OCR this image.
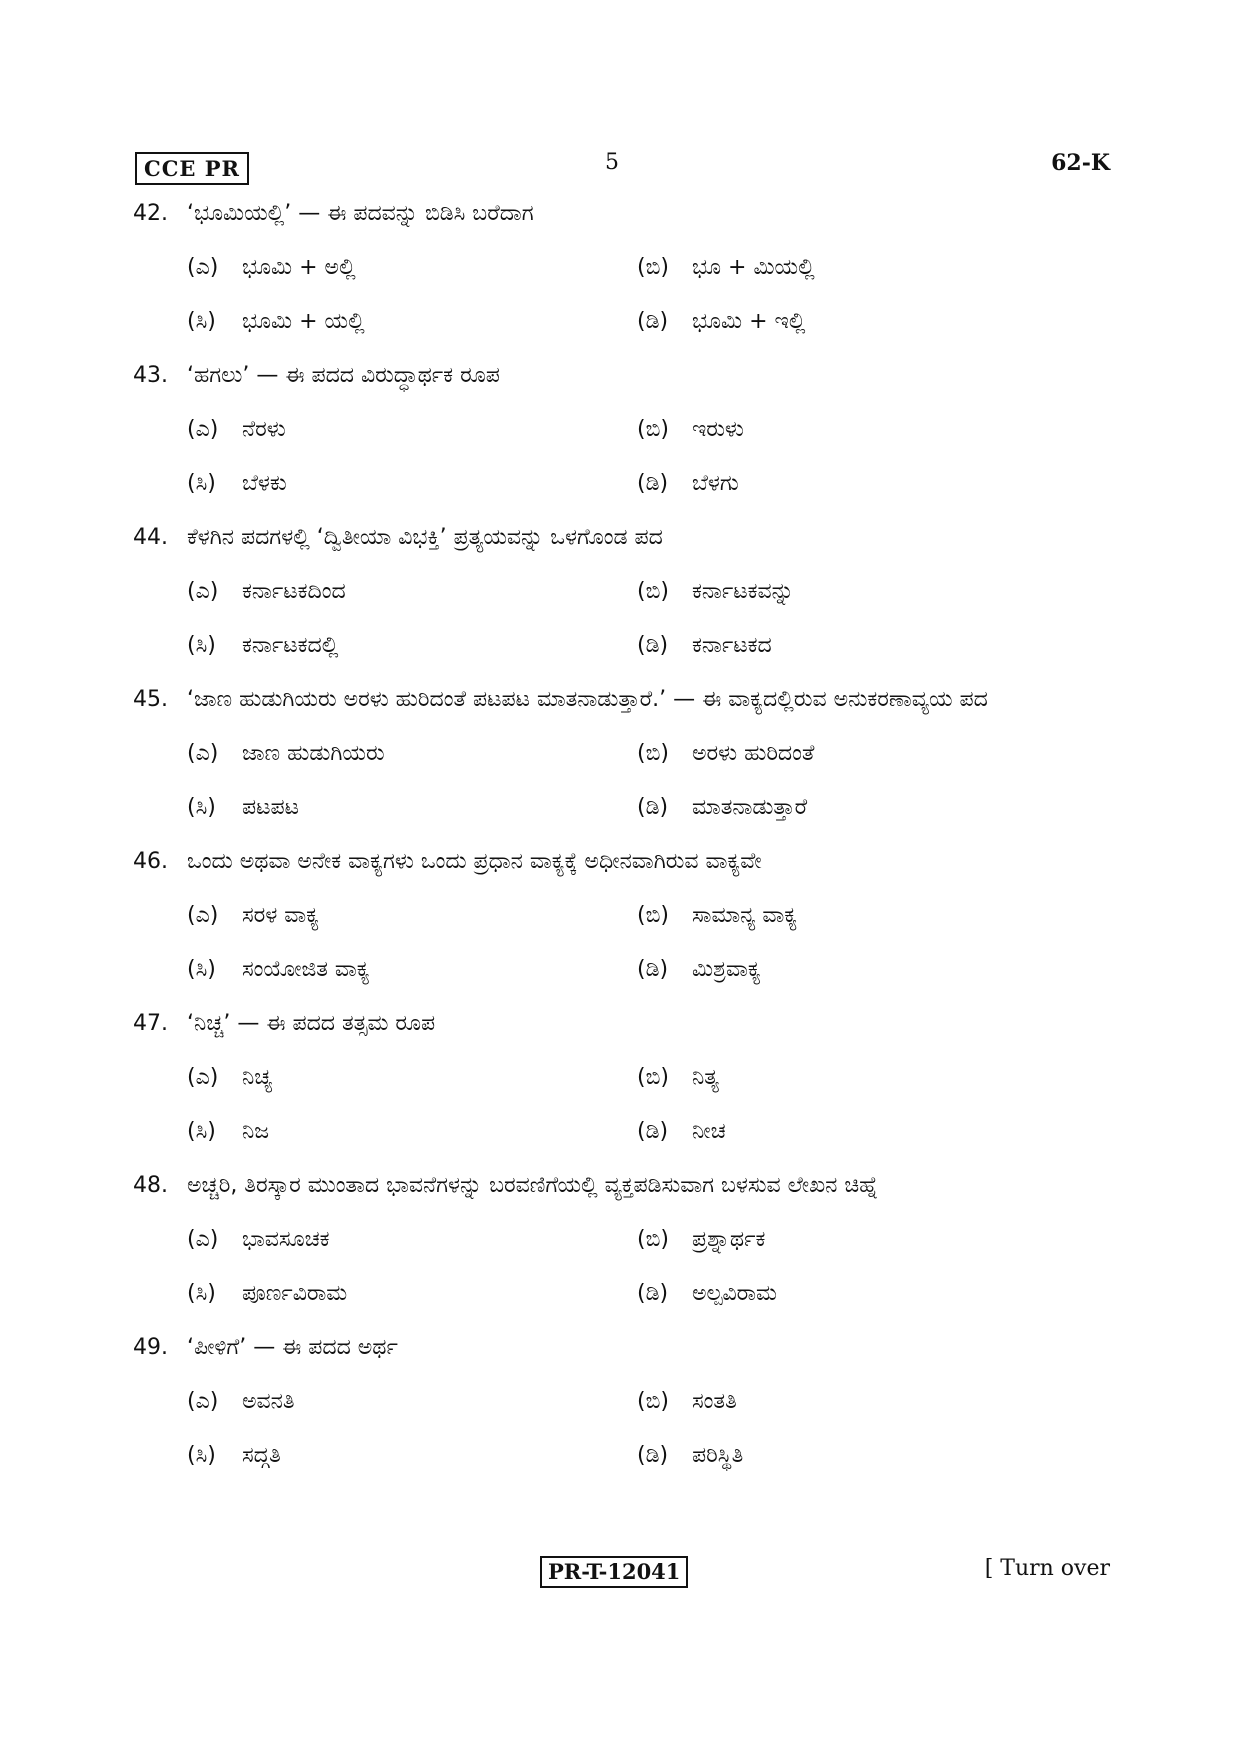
CCE PR	5	62-K
42. ‘ಭೂಮಿಯಲ್ಲಿ’ — ಈ ಪದವನ್ನು ಬಿಡಿಸಿ ಬರೆದಾಗ
(ಎ) ಭೂಮಿ + ಅಲ್ಲಿ	(ಬಿ) ಭೂ + ಮಿಯಲ್ಲಿ
(ಸಿ) ಭೂಮಿ + ಯಲ್ಲಿ	(ಡಿ) ಭೂಮಿ + ಇಲ್ಲಿ
43. ‘ಹಗಲು’ — ಈ ಪದದ ವಿರುದ್ಧಾರ್ಥಕ ರೂಪ
(ಎ) ನೆರಳು	(ಬಿ) ಇರುಳು
(ಸಿ) ಬೆಳಕು	(ಡಿ) ಬೆಳಗು
44. ಕೆಳಗಿನ ಪದಗಳಲ್ಲಿ ‘ದ್ವಿತೀಯಾ ವಿಭಕ್ತಿ’ ಪ್ರತ್ಯಯವನ್ನು ಒಳಗೊಂಡ ಪದ
(ಎ) ಕರ್ನಾಟಕದಿಂದ	(ಬಿ) ಕರ್ನಾಟಕವನ್ನು
(ಸಿ) ಕರ್ನಾಟಕದಲ್ಲಿ	(ಡಿ) ಕರ್ನಾಟಕದ
45. ‘ಜಾಣ ಹುಡುಗಿಯರು ಅರಳು ಹುರಿದಂತೆ ಪಟಪಟ ಮಾತನಾಡುತ್ತಾರೆ.’ — ಈ ವಾಕ್ಯದಲ್ಲಿರುವ ಅನುಕರಣಾವ್ಯಯ ಪದ
(ಎ) ಜಾಣ ಹುಡುಗಿಯರು	(ಬಿ) ಅರಳು ಹುರಿದಂತೆ
(ಸಿ) ಪಟಪಟ	(ಡಿ) ಮಾತನಾಡುತ್ತಾರೆ
46. ಒಂದು ಅಥವಾ ಅನೇಕ ವಾಕ್ಯಗಳು ಒಂದು ಪ್ರಧಾನ ವಾಕ್ಯಕ್ಕೆ ಅಧೀನವಾಗಿರುವ ವಾಕ್ಯವೇ
(ಎ) ಸರಳ ವಾಕ್ಯ	(ಬಿ) ಸಾಮಾನ್ಯ ವಾಕ್ಯ
(ಸಿ) ಸಂಯೋಜಿತ ವಾಕ್ಯ	(ಡಿ) ಮಿಶ್ರವಾಕ್ಯ
47. ‘ನಿಚ್ಚ’ — ಈ ಪದದ ತತ್ಸಮ ರೂಪ
(ಎ) ನಿಚ್ಯ	(ಬಿ) ನಿತ್ಯ
(ಸಿ) ನಿಜ	(ಡಿ) ನೀಚ
48. ಅಚ್ಚರಿ, ತಿರಸ್ಕಾರ ಮುಂತಾದ ಭಾವನೆಗಳನ್ನು ಬರವಣಿಗೆಯಲ್ಲಿ ವ್ಯಕ್ತಪಡಿಸುವಾಗ ಬಳಸುವ ಲೇಖನ ಚಿಹ್ನೆ
(ಎ) ಭಾವಸೂಚಕ	(ಬಿ) ಪ್ರಶ್ನಾರ್ಥಕ
(ಸಿ) ಪೂರ್ಣವಿರಾಮ	(ಡಿ) ಅಲ್ಪವಿರಾಮ
49. ‘ಪೀಳಿಗೆ’ — ಈ ಪದದ ಅರ್ಥ
(ಎ) ಅವನತಿ	(ಬಿ) ಸಂತತಿ
(ಸಿ) ಸದ್ಗತಿ	(ಡಿ) ಪರಿಸ್ಥಿತಿ
PR-T-12041	[ Turn over
